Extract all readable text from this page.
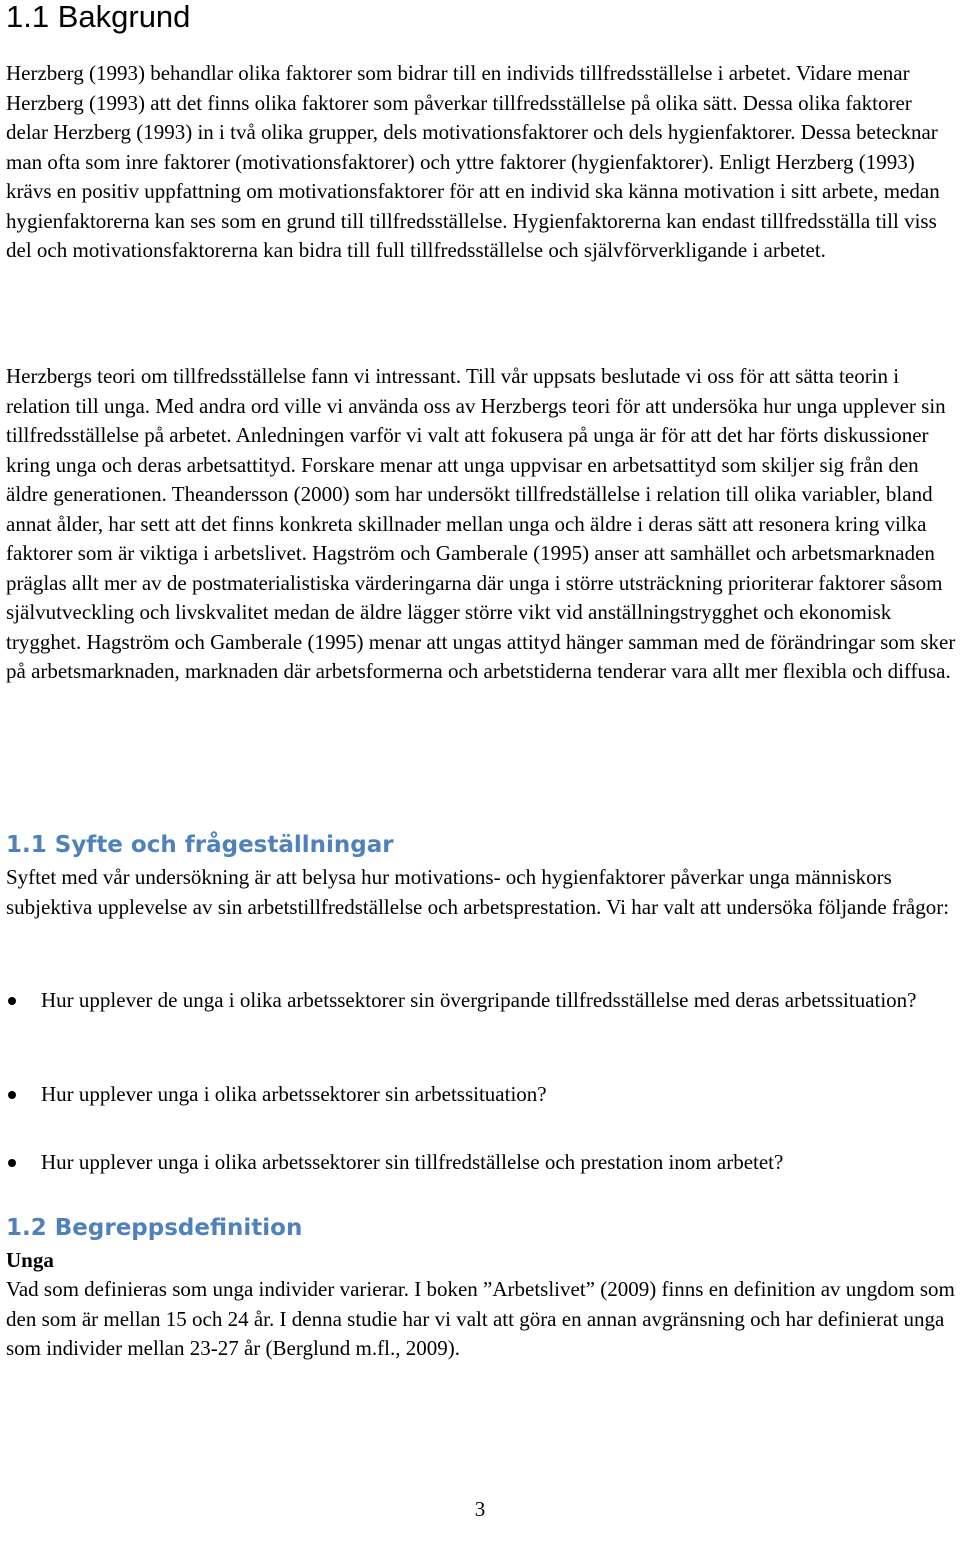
1.1 Bakgrund

Herzberg (1993) behandlar olika faktorer som bidrar till en individs tillfredsställelse i arbetet. Vidare menar Herzberg (1993) att det finns olika faktorer som påverkar tillfredsställelse på olika sätt. Dessa olika faktorer delar Herzberg (1993) in i två olika grupper, dels motivationsfaktorer och dels hygienfaktorer. Dessa betecknar man ofta som inre faktorer (motivationsfaktorer) och yttre faktorer (hygienfaktorer). Enligt Herzberg (1993) krävs en positiv uppfattning om motivationsfaktorer för att en individ ska känna motivation i sitt arbete, medan hygienfaktorerna kan ses som en grund till tillfredsställelse. Hygienfaktorerna kan endast tillfredsställa till viss del och motivationsfaktorerna kan bidra till full tillfredsställelse och självförverkligande i arbetet.

Herzbergs teori om tillfredsställelse fann vi intressant. Till vår uppsats beslutade vi oss för att sätta teorin i relation till unga. Med andra ord ville vi använda oss av Herzbergs teori för att undersöka hur unga upplever sin tillfredsställelse på arbetet. Anledningen varför vi valt att fokusera på unga är för att det har förts diskussioner kring unga och deras arbetsattityd. Forskare menar att unga uppvisar en arbetsattityd som skiljer sig från den äldre generationen. Theandersson (2000) som har undersökt tillfredställelse i relation till olika variabler, bland annat ålder, har sett att det finns konkreta skillnader mellan unga och äldre i deras sätt att resonera kring vilka faktorer som är viktiga i arbetslivet. Hagström och Gamberale (1995) anser att samhället och arbetsmarknaden präglas allt mer av de postmaterialistiska värderingarna där unga i större utsträckning prioriterar faktorer såsom självutveckling och livskvalitet medan de äldre lägger större vikt vid anställningstrygghet och ekonomisk trygghet. Hagström och Gamberale (1995) menar att ungas attityd hänger samman med de förändringar som sker på arbetsmarknaden, marknaden där arbetsformerna och arbetstiderna tenderar vara allt mer flexibla och diffusa.

1.1 Syfte och frågeställningar

Syftet med vår undersökning är att belysa hur motivations- och hygienfaktorer påverkar unga människors subjektiva upplevelse av sin arbetstillfredställelse och arbetsprestation. Vi har valt att undersöka följande frågor:

Hur upplever de unga i olika arbetssektorer sin övergripande tillfredsställelse med deras arbetssituation?
Hur upplever unga i olika arbetssektorer sin arbetssituation?
Hur upplever unga i olika arbetssektorer sin tillfredställelse och prestation inom arbetet?
1.2 Begreppsdefinition
Unga

Vad som definieras som unga individer varierar. I boken ”Arbetslivet” (2009) finns en definition av ungdom som den som är mellan 15 och 24 år. I denna studie har vi valt att göra en annan avgränsning och har definierat unga som individer mellan 23-27 år (Berglund m.fl., 2009).

3
